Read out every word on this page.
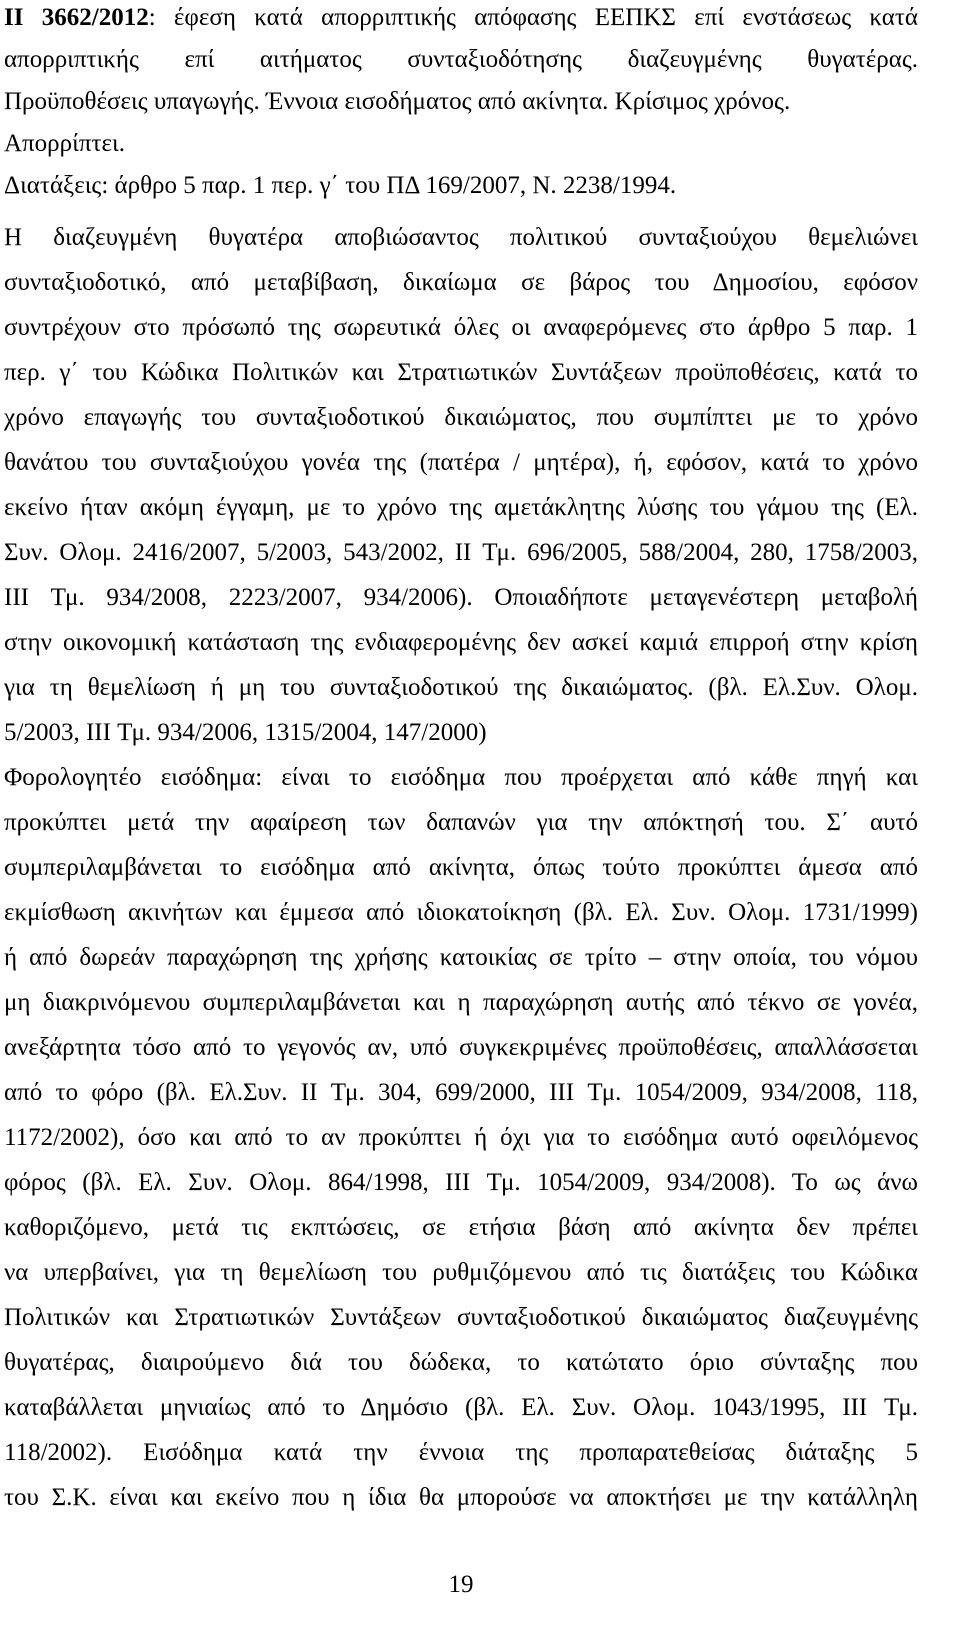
II 3662/2012: έφεση κατά απορριπτικής απόφασης ΕΕΠΚΣ επί ενστάσεως κατά
απορριπτικής επί αιτήματος συνταξιοδότησης διαζευγμένης θυγατέρας.
Προϋποθέσεις υπαγωγής. Έννοια εισοδήματος από ακίνητα. Κρίσιμος χρόνος.
Απορρίπτει.
Διατάξεις: άρθρο 5 παρ. 1 περ. γ΄ του ΠΔ 169/2007, Ν. 2238/1994.
Η διαζευγμένη θυγατέρα αποβιώσαντος πολιτικού συνταξιούχου θεμελιώνει
συνταξιοδοτικό, από μεταβίβαση, δικαίωμα σε βάρος του Δημοσίου, εφόσον
συντρέχουν στο πρόσωπό της σωρευτικά όλες οι αναφερόμενες στο άρθρο 5 παρ. 1
περ. γ΄ του Κώδικα Πολιτικών και Στρατιωτικών Συντάξεων προϋποθέσεις, κατά το
χρόνο επαγωγής του συνταξιοδοτικού δικαιώματος, που συμπίπτει με το χρόνο
θανάτου του συνταξιούχου γονέα της (πατέρα / μητέρα), ή, εφόσον, κατά το χρόνο
εκείνο ήταν ακόμη έγγαμη, με το χρόνο της αμετάκλητης λύσης του γάμου της (Ελ.
Συν. Ολομ. 2416/2007, 5/2003, 543/2002, II Τμ. 696/2005, 588/2004, 280, 1758/2003,
III Τμ. 934/2008, 2223/2007, 934/2006). Οποιαδήποτε μεταγενέστερη μεταβολή
στην οικονομική κατάσταση της ενδιαφερομένης δεν ασκεί καμιά επιρροή στην κρίση
για τη θεμελίωση ή μη του συνταξιοδοτικού της δικαιώματος. (βλ. Ελ.Συν. Ολομ.
5/2003, III Τμ. 934/2006, 1315/2004, 147/2000)
Φορολογητέο εισόδημα: είναι το εισόδημα που προέρχεται από κάθε πηγή και
προκύπτει μετά την αφαίρεση των δαπανών για την απόκτησή του. Σ΄ αυτό
συμπεριλαμβάνεται το εισόδημα από ακίνητα, όπως τούτο προκύπτει άμεσα από
εκμίσθωση ακινήτων και έμμεσα από ιδιοκατοίκηση (βλ. Ελ. Συν. Ολομ. 1731/1999)
ή από δωρεάν παραχώρηση της χρήσης κατοικίας σε τρίτο – στην οποία, του νόμου
μη διακρινόμενου συμπεριλαμβάνεται και η παραχώρηση αυτής από τέκνο σε γονέα,
ανεξάρτητα τόσο από το γεγονός αν, υπό συγκεκριμένες προϋποθέσεις, απαλλάσσεται
από το φόρο (βλ. Ελ.Συν. II Τμ. 304, 699/2000, III Τμ. 1054/2009, 934/2008, 118,
1172/2002), όσο και από το αν προκύπτει ή όχι για το εισόδημα αυτό οφειλόμενος
φόρος (βλ. Ελ. Συν. Ολομ. 864/1998, III Τμ. 1054/2009, 934/2008). Το ως άνω
καθοριζόμενο, μετά τις εκπτώσεις, σε ετήσια βάση από ακίνητα δεν πρέπει
να υπερβαίνει, για τη θεμελίωση του ρυθμιζόμενου από τις διατάξεις του Κώδικα
Πολιτικών και Στρατιωτικών Συντάξεων συνταξιοδοτικού δικαιώματος διαζευγμένης
θυγατέρας, διαιρούμενο διά του δώδεκα, το κατώτατο όριο σύνταξης που
καταβάλλεται μηνιαίως από το Δημόσιο (βλ. Ελ. Συν. Ολομ. 1043/1995, III Τμ.
118/2002). Εισόδημα κατά την έννοια της προπαρατεθείσας διάταξης 5
του Σ.Κ. είναι και εκείνο που η ίδια θα μπορούσε να αποκτήσει με την κατάλληλη
19
